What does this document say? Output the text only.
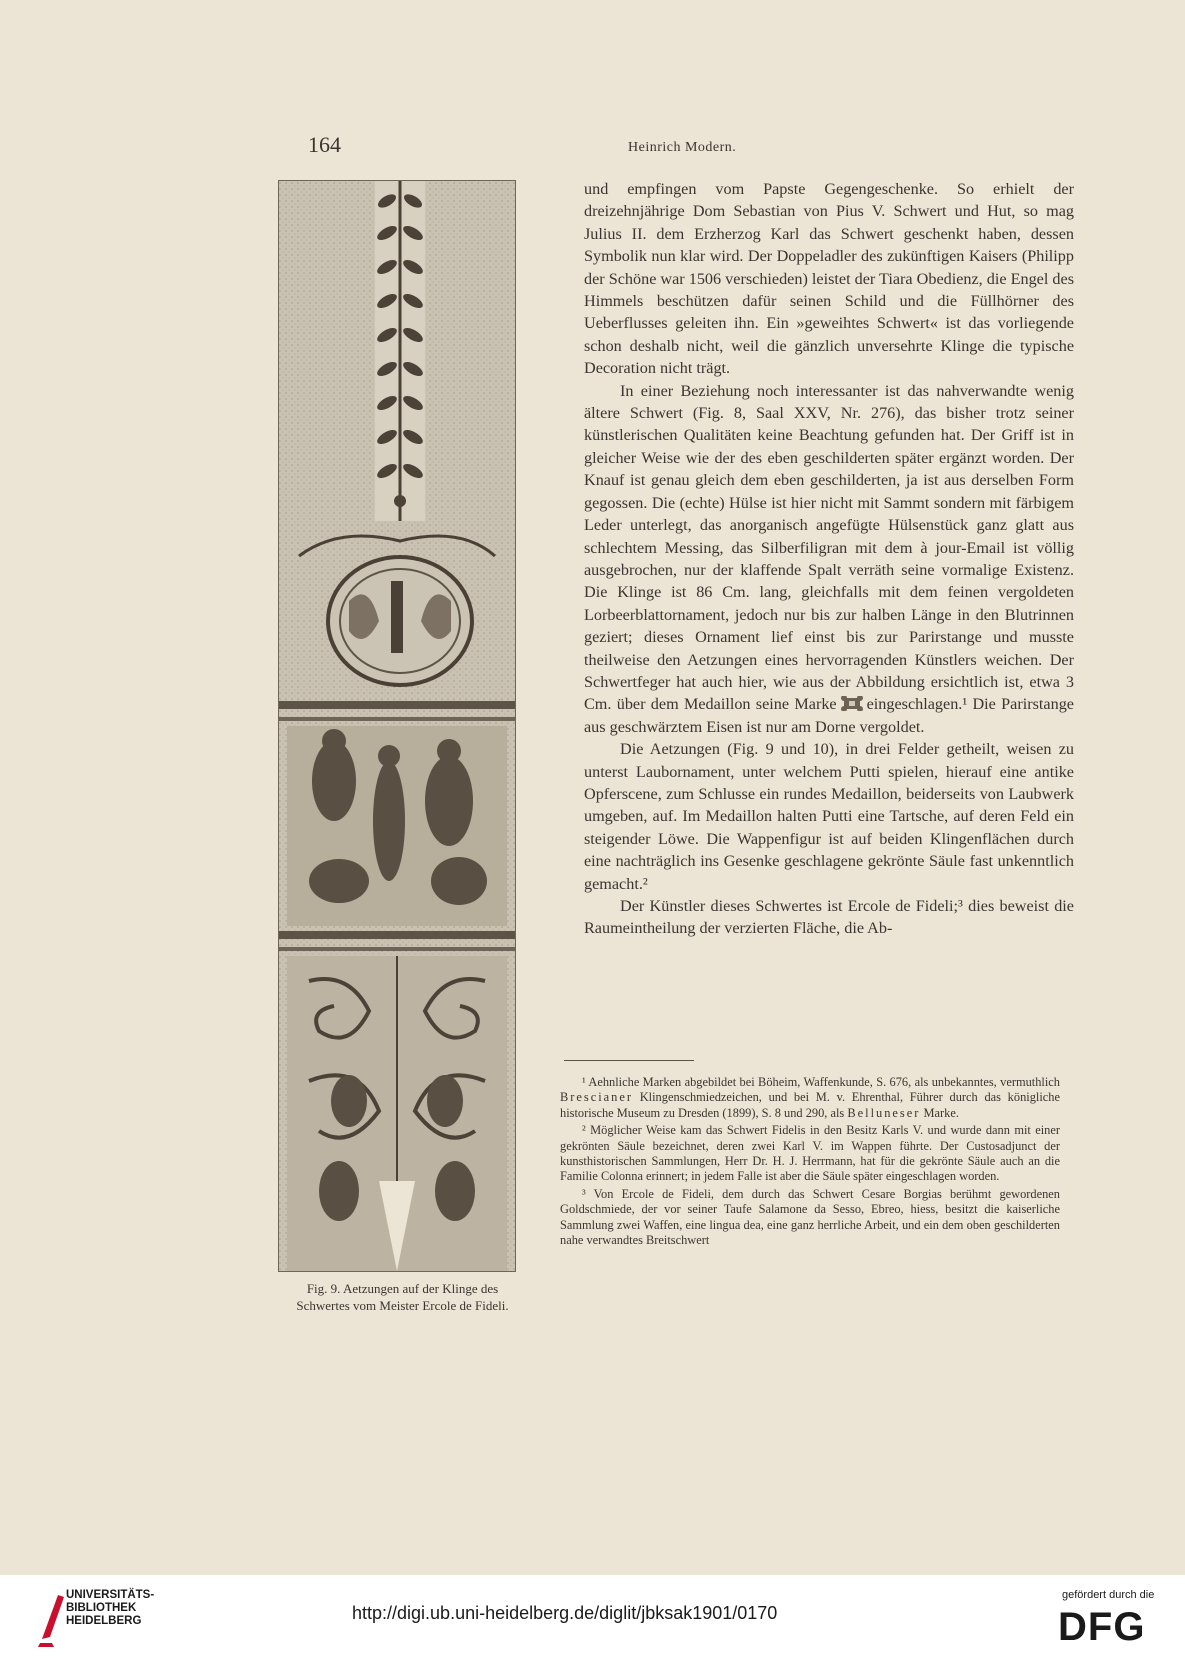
164	Heinrich Modern.
Fig. 9. Aetzungen auf der Klinge des
Schwertes vom Meister Ercole de Fideli.

und empfingen vom Papste Gegengeschenke. So erhielt der dreizehnjährige Dom Sebastian von Pius V. Schwert und Hut, so mag Julius II. dem Erzherzog Karl das Schwert geschenkt haben, dessen Symbolik nun klar wird. Der Doppeladler des zukünftigen Kaisers (Philipp der Schöne war 1506 verschieden) leistet der Tiara Obedienz, die Engel des Himmels beschützen dafür seinen Schild und die Füllhörner des Ueberflusses geleiten ihn. Ein »geweihtes Schwert« ist das vorliegende schon deshalb nicht, weil die gänzlich unversehrte Klinge die typische Decoration nicht trägt.

In einer Beziehung noch interessanter ist das nahverwandte wenig ältere Schwert (Fig. 8, Saal XXV, Nr. 276), das bisher trotz seiner künstlerischen Qualitäten keine Beachtung gefunden hat. Der Griff ist in gleicher Weise wie der des eben geschilderten später ergänzt worden. Der Knauf ist genau gleich dem eben geschilderten, ja ist aus derselben Form gegossen. Die (echte) Hülse ist hier nicht mit Sammt sondern mit färbigem Leder unterlegt, das anorganisch angefügte Hülsenstück ganz glatt aus schlechtem Messing, das Silberfiligran mit dem à jour-Email ist völlig ausgebrochen, nur der klaffende Spalt verräth seine vormalige Existenz. Die Klinge ist 86 Cm. lang, gleichfalls mit dem feinen vergoldeten Lorbeerblattornament, jedoch nur bis zur halben Länge in den Blutrinnen geziert; dieses Ornament lief einst bis zur Parirstange und musste theilweise den Aetzungen eines hervorragenden Künstlers weichen. Der Schwertfeger hat auch hier, wie aus der Abbildung ersichtlich ist, etwa 3 Cm. über dem Medaillon seine Marke eingeschlagen.¹ Die Parirstange aus geschwärztem Eisen ist nur am Dorne vergoldet.

Die Aetzungen (Fig. 9 und 10), in drei Felder getheilt, weisen zu unterst Laubornament, unter welchem Putti spielen, hierauf eine antike Opferscene, zum Schlusse ein rundes Medaillon, beiderseits von Laubwerk umgeben, auf. Im Medaillon halten Putti eine Tartsche, auf deren Feld ein steigender Löwe. Die Wappenfigur ist auf beiden Klingenflächen durch eine nachträglich ins Gesenke geschlagene gekrönte Säule fast unkenntlich gemacht.²

Der Künstler dieses Schwertes ist Ercole de Fideli;³ dies beweist die Raumeintheilung der verzierten Fläche, die Ab-

¹ Aehnliche Marken abgebildet bei Böheim, Waffenkunde, S. 676, als unbekanntes, vermuthlich Brescianer Klingenschmiedzeichen, und bei M. v. Ehrenthal, Führer durch das königliche historische Museum zu Dresden (1899), S. 8 und 290, als Belluneser Marke.

² Möglicher Weise kam das Schwert Fidelis in den Besitz Karls V. und wurde dann mit einer gekrönten Säule bezeichnet, deren zwei Karl V. im Wappen führte. Der Custosadjunct der kunsthistorischen Sammlungen, Herr Dr. H. J. Herrmann, hat für die gekrönte Säule auch an die Familie Colonna erinnert; in jedem Falle ist aber die Säule später eingeschlagen worden.

³ Von Ercole de Fideli, dem durch das Schwert Cesare Borgias berühmt gewordenen Goldschmiede, der vor seiner Taufe Salamone da Sesso, Ebreo, hiess, besitzt die kaiserliche Sammlung zwei Waffen, eine lingua dea, eine ganz herrliche Arbeit, und ein dem oben geschilderten nahe verwandtes Breitschwert

UNIVERSITÄTS-
BIBLIOTHEK
HEIDELBERG	http://digi.ub.uni-heidelberg.de/diglit/jbksak1901/0170
gefördert durch die
DFG
